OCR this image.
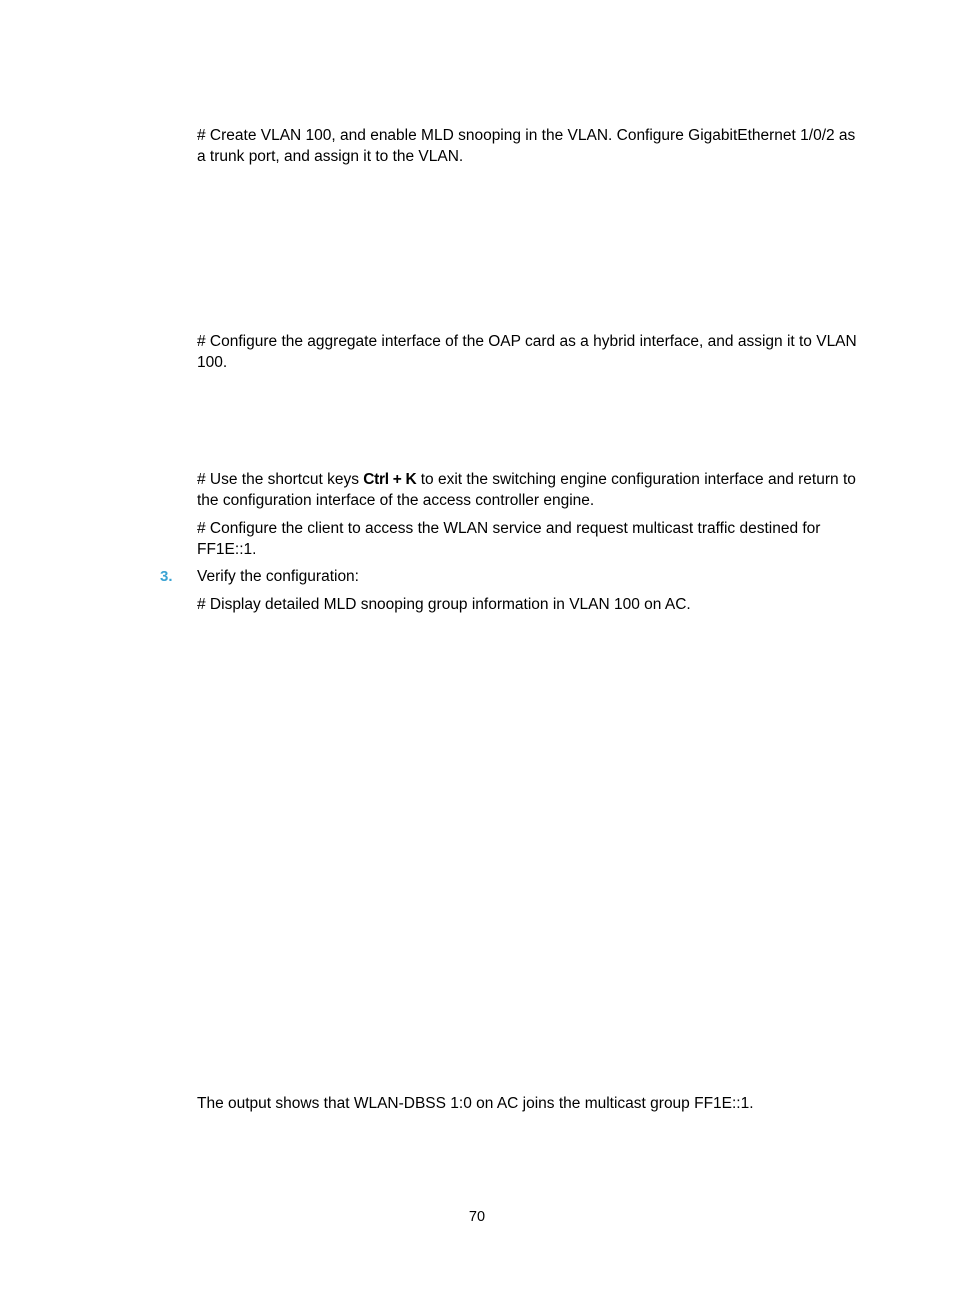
# Create VLAN 100, and enable MLD snooping in the VLAN. Configure GigabitEthernet 1/0/2 as a trunk port, and assign it to the VLAN.
# Configure the aggregate interface of the OAP card as a hybrid interface, and assign it to VLAN 100.
# Use the shortcut keys Ctrl + K to exit the switching engine configuration interface and return to the configuration interface of the access controller engine.
# Configure the client to access the WLAN service and request multicast traffic destined for FF1E::1.
3. Verify the configuration:
# Display detailed MLD snooping group information in VLAN 100 on AC.
The output shows that WLAN-DBSS 1:0 on AC joins the multicast group FF1E::1.
70
